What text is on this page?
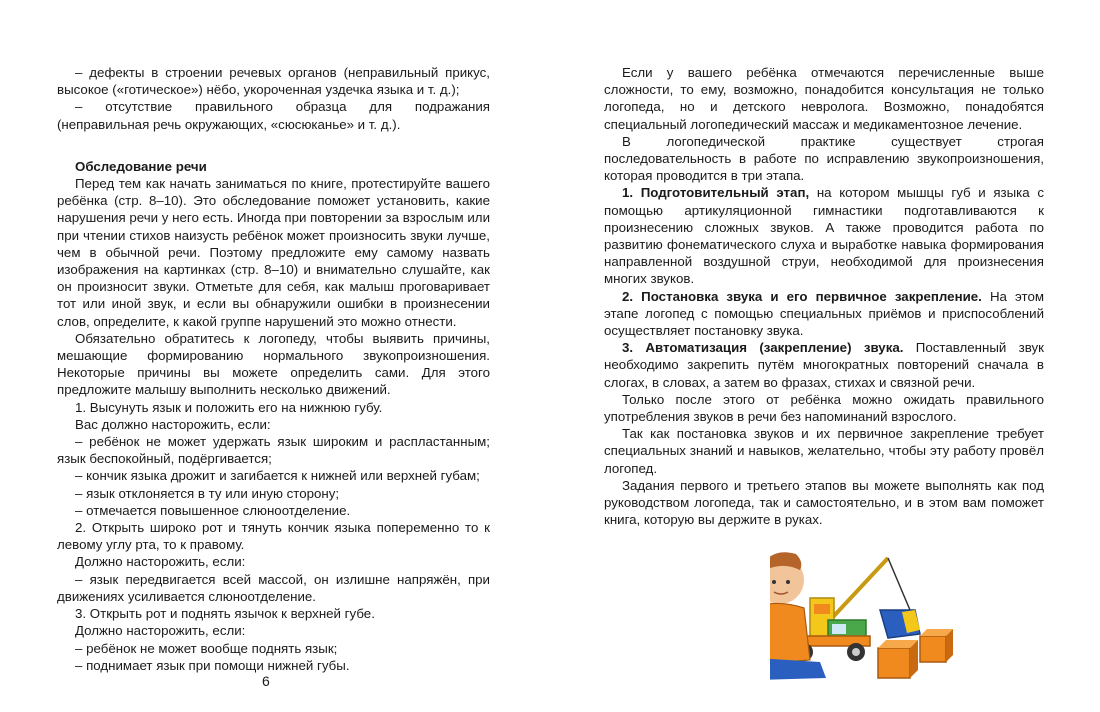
– дефекты в строении речевых органов (неправильный прикус, высокое («готическое») нёбо, укороченная уздечка языка и т. д.);

– отсутствие правильного образца для подражания (неправильная речь окружающих, «сюсюканье» и т. д.).

Обследование речи

Перед тем как начать заниматься по книге, протестируйте вашего ребёнка (стр. 8–10). Это обследование поможет установить, какие нарушения речи у него есть. Иногда при повторении за взрослым или при чтении стихов наизусть ребёнок может произносить звуки лучше, чем в обычной речи. Поэтому предложите ему самому назвать изображения на картинках (стр. 8–10) и внимательно слушайте, как он произносит звуки. Отметьте для себя, как малыш проговаривает тот или иной звук, и если вы обнаружили ошибки в произнесении слов, определите, к какой группе нарушений это можно отнести.

Обязательно обратитесь к логопеду, чтобы выявить причины, мешающие формированию нормального звукопроизношения. Некоторые причины вы можете определить сами. Для этого предложите малышу выполнить несколько движений.

1. Высунуть язык и положить его на нижнюю губу.

Вас должно насторожить, если:

– ребёнок не может удержать язык широким и распластанным; язык беспокойный, подёргивается;

– кончик языка дрожит и загибается к нижней или верхней губам;

– язык отклоняется в ту или иную сторону;

– отмечается повышенное слюноотделение.

2. Открыть широко рот и тянуть кончик языка попеременно то к левому углу рта, то к правому.

Должно насторожить, если:

– язык передвигается всей массой, он излишне напряжён, при движениях усиливается слюноотделение.

3. Открыть рот и поднять язычок к верхней губе.

Должно насторожить, если:

– ребёнок не может вообще поднять язык;

– поднимает язык при помощи нижней губы.

Если у вашего ребёнка отмечаются перечисленные выше сложности, то ему, возможно, понадобится консультация не только логопеда, но и детского невролога. Возможно, понадобятся специальный логопедический массаж и медикаментозное лечение.

В логопедической практике существует строгая последовательность в работе по исправлению звукопроизношения, которая проводится в три этапа.

1. Подготовительный этап, на котором мышцы губ и языка с помощью артикуляционной гимнастики подготавливаются к произнесению сложных звуков. А также проводится работа по развитию фонематического слуха и выработке навыка формирования направленной воздушной струи, необходимой для произнесения многих звуков.

2. Постановка звука и его первичное закрепление. На этом этапе логопед с помощью специальных приёмов и приспособлений осуществляет постановку звука.

3. Автоматизация (закрепление) звука. Поставленный звук необходимо закрепить путём многократных повторений сначала в слогах, в словах, а затем во фразах, стихах и связной речи.

Только после этого от ребёнка можно ожидать правильного употребления звуков в речи без напоминаний взрослого.

Так как постановка звуков и их первичное закрепление требует специальных знаний и навыков, желательно, чтобы эту работу провёл логопед.

Задания первого и третьего этапов вы можете выполнять как под руководством логопеда, так и самостоятельно, и в этом вам поможет книга, которую вы держите в руках.

6
